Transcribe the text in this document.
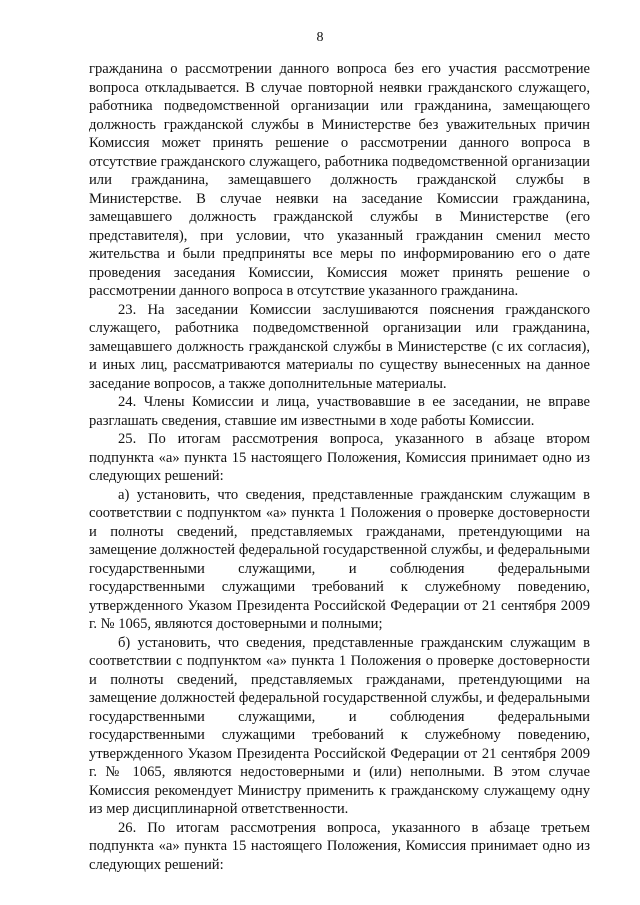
8

гражданина о рассмотрении данного вопроса без его участия рассмотрение вопроса откладывается. В случае повторной неявки гражданского служащего, работника подведомственной организации или гражданина, замещающего должность гражданской службы в Министерстве без уважительных причин Комиссия может принять решение о рассмотрении данного вопроса в отсутствие гражданского служащего, работника подведомственной организации или гражданина, замещавшего должность гражданской службы в Министерстве. В случае неявки на заседание Комиссии гражданина, замещавшего должность гражданской службы в Министерстве (его представителя), при условии, что указанный гражданин сменил место жительства и были предприняты все меры по информированию его о дате проведения заседания Комиссии, Комиссия может принять решение о рассмотрении данного вопроса в отсутствие указанного гражданина.

23. На заседании Комиссии заслушиваются пояснения гражданского служащего, работника подведомственной организации или гражданина, замещавшего должность гражданской службы в Министерстве (с их согласия), и иных лиц, рассматриваются материалы по существу вынесенных на данное заседание вопросов, а также дополнительные материалы.

24. Члены Комиссии и лица, участвовавшие в ее заседании, не вправе разглашать сведения, ставшие им известными в ходе работы Комиссии.

25. По итогам рассмотрения вопроса, указанного в абзаце втором подпункта «а» пункта 15 настоящего Положения, Комиссия принимает одно из следующих решений:

а) установить, что сведения, представленные гражданским служащим в соответствии с подпунктом «а» пункта 1 Положения о проверке достоверности и полноты сведений, представляемых гражданами, претендующими на замещение должностей федеральной государственной службы, и федеральными государственными служащими, и соблюдения федеральными государственными служащими требований к служебному поведению, утвержденного Указом Президента Российской Федерации от 21 сентября 2009 г. № 1065, являются достоверными и полными;

б) установить, что сведения, представленные гражданским служащим в соответствии с подпунктом «а» пункта 1 Положения о проверке достоверности и полноты сведений, представляемых гражданами, претендующими на замещение должностей федеральной государственной службы, и федеральными государственными служащими, и соблюдения федеральными государственными служащими требований к служебному поведению, утвержденного Указом Президента Российской Федерации от 21 сентября 2009 г. № 1065, являются недостоверными и (или) неполными. В этом случае Комиссия рекомендует Министру применить к гражданскому служащему одну из мер дисциплинарной ответственности.

26. По итогам рассмотрения вопроса, указанного в абзаце третьем подпункта «а» пункта 15 настоящего Положения, Комиссия принимает одно из следующих решений:
